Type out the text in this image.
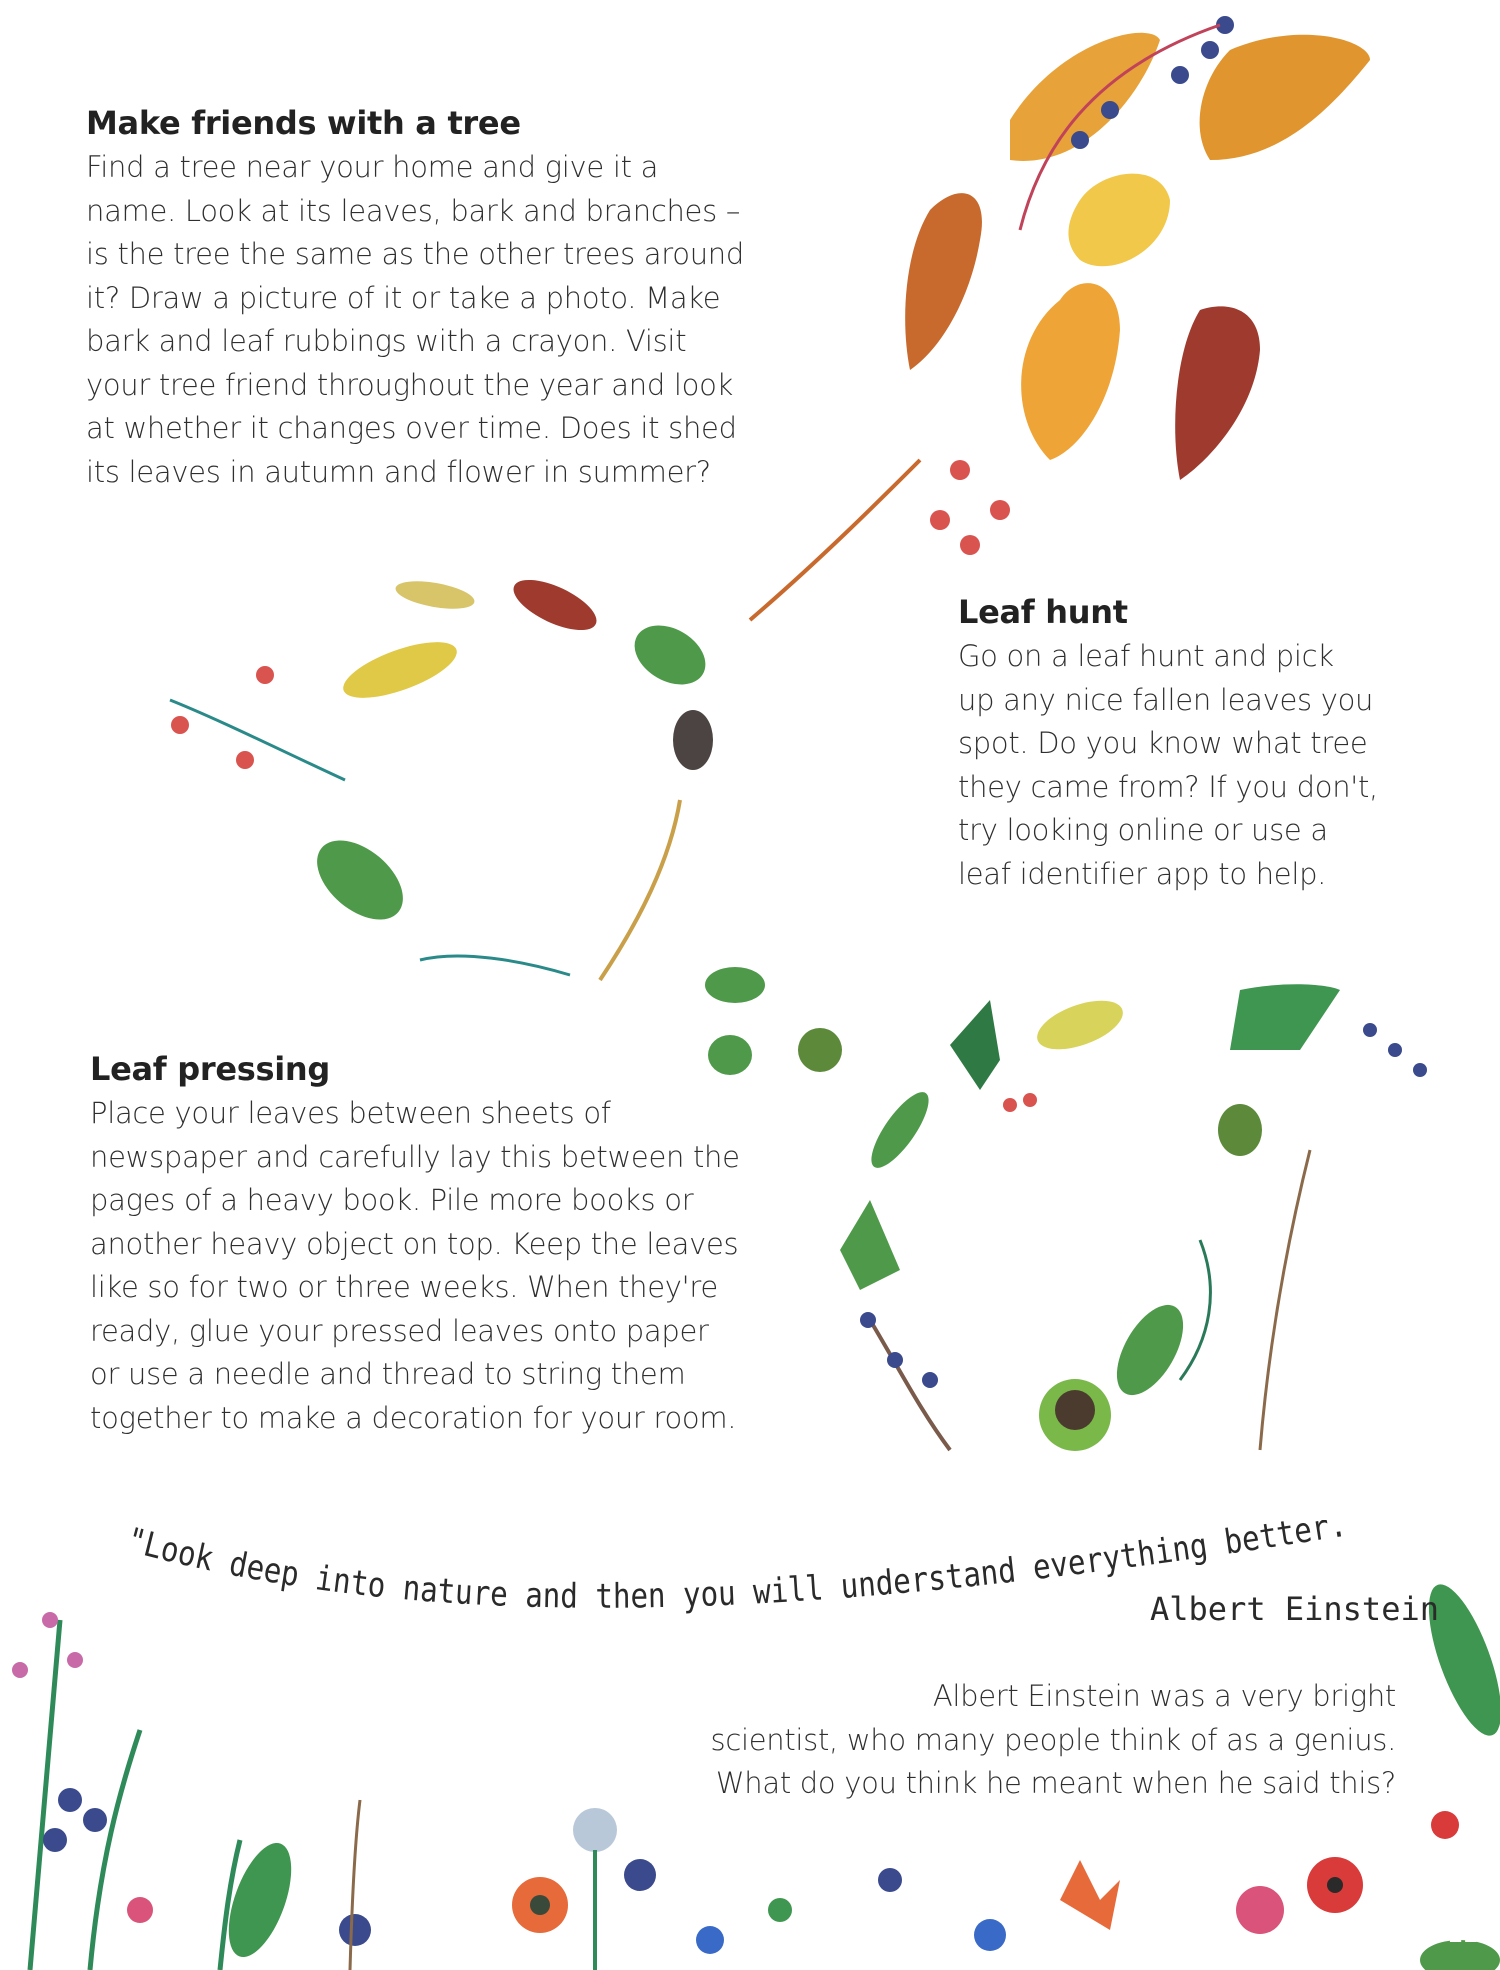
Make friends with a tree

Find a tree near your home and give it a
name. Look at its leaves, bark and branches –
is the tree the same as the other trees around
it? Draw a picture of it or take a photo. Make
bark and leaf rubbings with a crayon. Visit
your tree friend throughout the year and look
at whether it changes over time. Does it shed
its leaves in autumn and flower in summer?

Leaf hunt

Go on a leaf hunt and pick
up any nice fallen leaves you
spot. Do you know what tree
they came from? If you don't,
try looking online or use a
leaf identifier app to help.

Leaf pressing

Place your leaves between sheets of
newspaper and carefully lay this between the
pages of a heavy book. Pile more books or
another heavy object on top. Keep the leaves
like so for two or three weeks. When they're
ready, glue your pressed leaves onto paper
or use a needle and thread to string them
together to make a decoration for your room.

"Look deep into nature and then you will understand everything better."
Albert Einstein

Albert Einstein was a very bright
scientist, who many people think of as a genius.
What do you think he meant when he said this?

11
